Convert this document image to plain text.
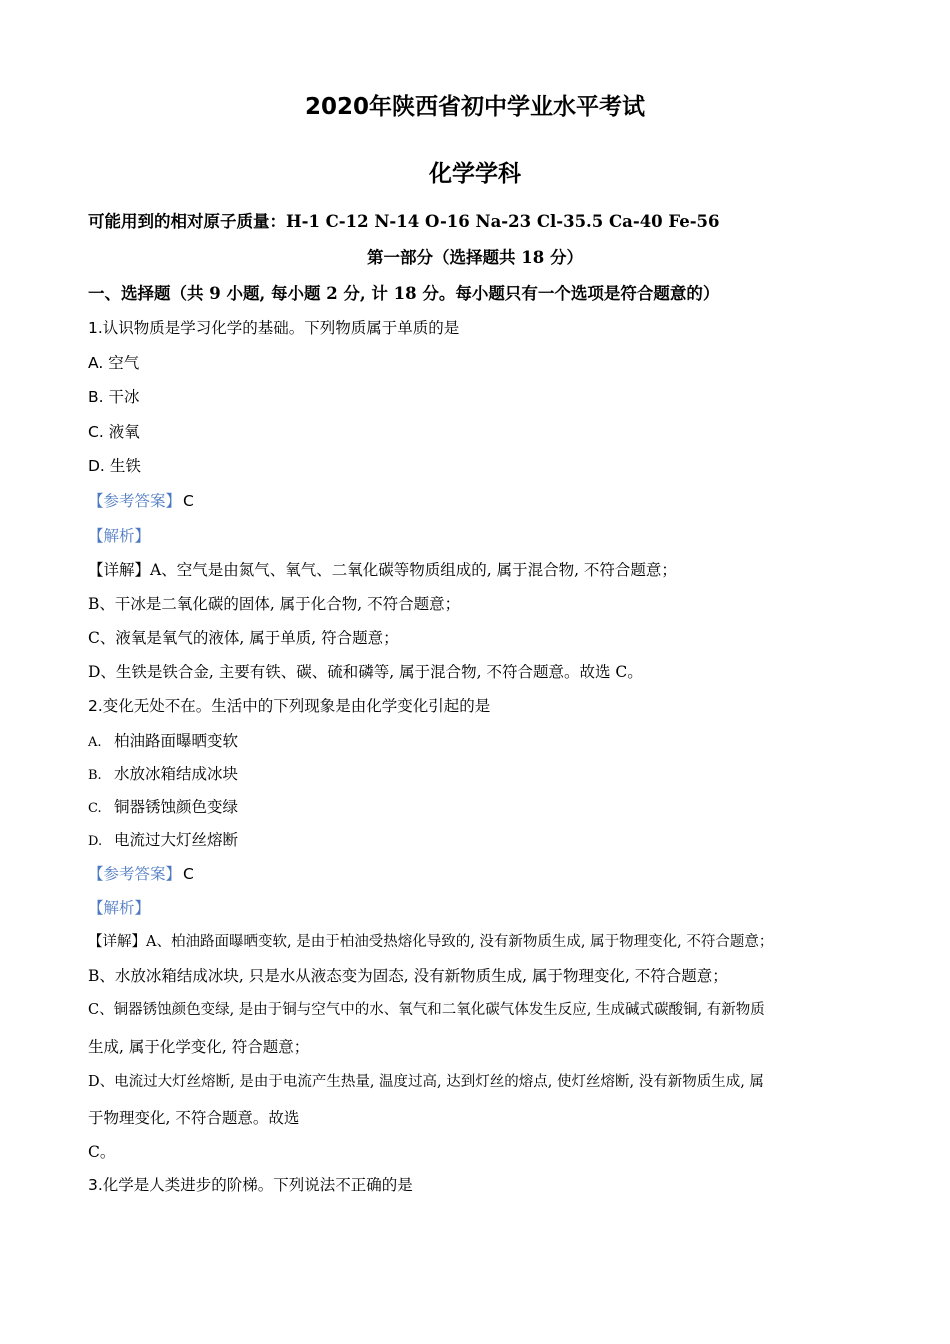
2020年陕西省初中学业水平考试
化学学科
可能用到的相对原子质量：H-1 C-12 N-14 O-16 Na-23 Cl-35.5 Ca-40 Fe-56
第一部分（选择题共 18 分）
一、选择题（共 9 小题, 每小题 2 分, 计 18 分。每小题只有一个选项是符合题意的）
1.认识物质是学习化学的基础。下列物质属于单质的是
A. 空气
B. 干冰
C. 液氧
D. 生铁
【参考答案】 C
【解析】
【详解】A、空气是由氮气、氧气、二氧化碳等物质组成的, 属于混合物, 不符合题意；
B、干冰是二氧化碳的固体, 属于化合物, 不符合题意；
C、液氧是氧气的液体, 属于单质, 符合题意；
D、生铁是铁合金, 主要有铁、碳、硫和磷等, 属于混合物, 不符合题意。故选 C。
2.变化无处不在。生活中的下列现象是由化学变化引起的是
A. 柏油路面曝晒变软
B. 水放冰箱结成冰块
C. 铜器锈蚀颜色变绿
D. 电流过大灯丝熔断
【参考答案】 C
【解析】
【详解】A、柏油路面曝晒变软, 是由于柏油受热熔化导致的, 没有新物质生成, 属于物理变化, 不符合题意；
B、水放冰箱结成冰块, 只是水从液态变为固态, 没有新物质生成, 属于物理变化, 不符合题意；
C、铜器锈蚀颜色变绿, 是由于铜与空气中的水、氧气和二氧化碳气体发生反应, 生成碱式碳酸铜, 有新物质
生成, 属于化学变化, 符合题意；
D、电流过大灯丝熔断, 是由于电流产生热量, 温度过高, 达到灯丝的熔点, 使灯丝熔断, 没有新物质生成, 属
于物理变化, 不符合题意。故选
C。
3.化学是人类进步的阶梯。下列说法不正确的是
